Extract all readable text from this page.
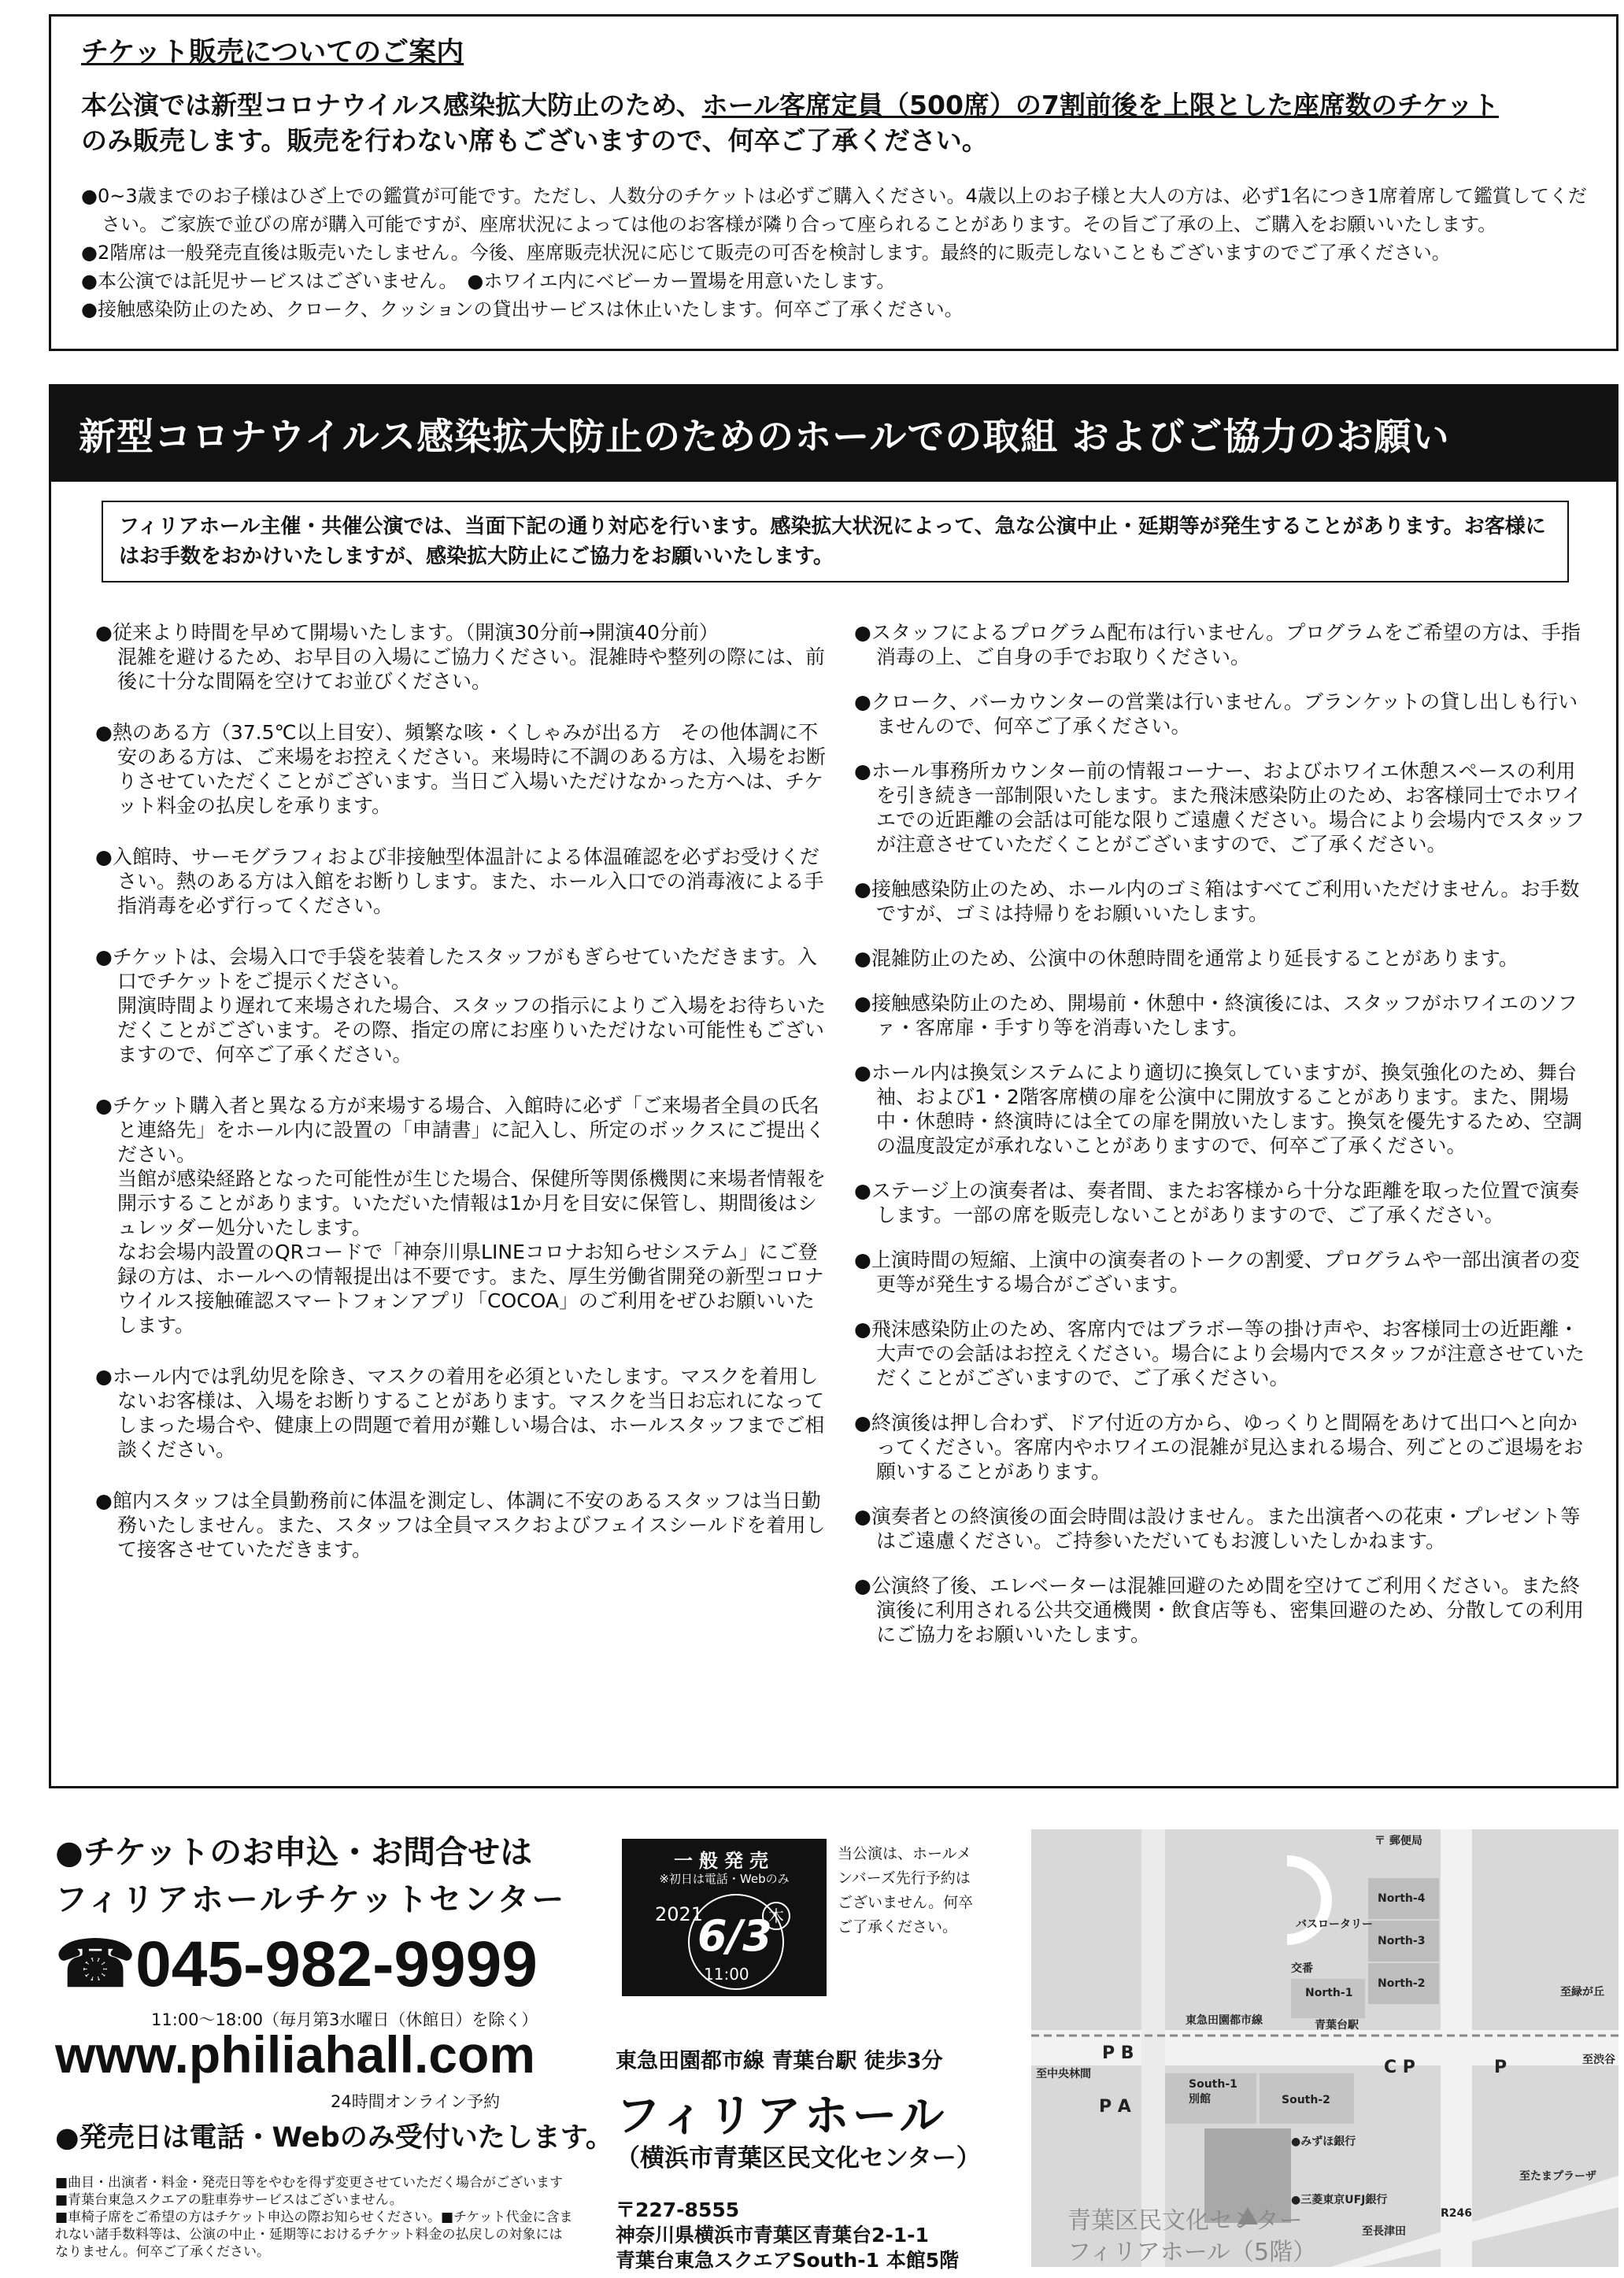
チケット販売についてのご案内
本公演では新型コロナウイルス感染拡大防止のため、ホール客席定員（500席）の7割前後を上限とした座席数のチケット
のみ販売します。販売を行わない席もございますので、何卒ご了承ください。
●0~3歳までのお子様はひざ上での鑑賞が可能です。ただし、人数分のチケットは必ずご購入ください。4歳以上のお子様と大人の方は、必ず1名につき1席着席して鑑賞してください。ご家族で並びの席が購入可能ですが、座席状況によっては他のお客様が隣り合って座られることがあります。その旨ご了承の上、ご購入をお願いいたします。
●2階席は一般発売直後は販売いたしません。今後、座席販売状況に応じて販売の可否を検討します。最終的に販売しないこともございますのでご了承ください。
●本公演では託児サービスはございません。　●ホワイエ内にベビーカー置場を用意いたします。
●接触感染防止のため、クローク、クッションの貸出サービスは休止いたします。何卒ご了承ください。
新型コロナウイルス感染拡大防止のためのホールでの取組 およびご協力のお願い
フィリアホール主催・共催公演では、当面下記の通り対応を行います。感染拡大状況によって、急な公演中止・延期等が発生することがあります。お客様にはお手数をおかけいたしますが、感染拡大防止にご協力をお願いいたします。
● 従来より時間を早めて開場いたします。（開演30分前→開演40分前）
混雑を避けるため、お早目の入場にご協力ください。混雑時や整列の際には、前後に十分な間隔を空けてお並びください。
● 熱のある方（37.5℃以上目安）、頻繁な咳・くしゃみが出る方　その他体調に不安のある方は、ご来場をお控えください。来場時に不調のある方は、入場をお断りさせていただくことがございます。当日ご入場いただけなかった方へは、チケット料金の払戻しを承ります。
● 入館時、サーモグラフィおよび非接触型体温計による体温確認を必ずお受けください。熱のある方は入館をお断りします。また、ホール入口での消毒液による手指消毒を必ず行ってください。
● チケットは、会場入口で手袋を装着したスタッフがもぎらせていただきます。入口でチケットをご提示ください。
開演時間より遅れて来場された場合、スタッフの指示によりご入場をお待ちいただくことがございます。その際、指定の席にお座りいただけない可能性もございますので、何卒ご了承ください。
● チケット購入者と異なる方が来場する場合、入館時に必ず「ご来場者全員の氏名と連絡先」をホール内に設置の「申請書」に記入し、所定のボックスにご提出ください。
当館が感染経路となった可能性が生じた場合、保健所等関係機関に来場者情報を開示することがあります。いただいた情報は1か月を目安に保管し、期間後はシュレッダー処分いたします。
なお会場内設置のQRコードで「神奈川県LINEコロナお知らせシステム」にご登録の方は、ホールへの情報提出は不要です。また、厚生労働省開発の新型コロナウイルス接触確認スマートフォンアプリ「COCOA」のご利用をぜひお願いいたします。
● ホール内では乳幼児を除き、マスクの着用を必須といたします。マスクを着用しないお客様は、入場をお断りすることがあります。マスクを当日お忘れになってしまった場合や、健康上の問題で着用が難しい場合は、ホールスタッフまでご相談ください。
● 館内スタッフは全員勤務前に体温を測定し、体調に不安のあるスタッフは当日勤務いたしません。また、スタッフは全員マスクおよびフェイスシールドを着用して接客させていただきます。
● スタッフによるプログラム配布は行いません。プログラムをご希望の方は、手指消毒の上、ご自身の手でお取りください。
● クローク、バーカウンターの営業は行いません。ブランケットの貸し出しも行いませんので、何卒ご了承ください。
● ホール事務所カウンター前の情報コーナー、およびホワイエ休憩スペースの利用を引き続き一部制限いたします。また飛沫感染防止のため、お客様同士でホワイエでの近距離の会話は可能な限りご遠慮ください。場合により会場内でスタッフが注意させていただくことがございますので、ご了承ください。
● 接触感染防止のため、ホール内のゴミ箱はすべてご利用いただけません。お手数ですが、ゴミは持帰りをお願いいたします。
● 混雑防止のため、公演中の休憩時間を通常より延長することがあります。
● 接触感染防止のため、開場前・休憩中・終演後には、スタッフがホワイエのソファ・客席扉・手すり等を消毒いたします。
● ホール内は換気システムにより適切に換気していますが、換気強化のため、舞台袖、および1・2階客席横の扉を公演中に開放することがあります。また、開場中・休憩時・終演時には全ての扉を開放いたします。換気を優先するため、空調の温度設定が承れないことがありますので、何卒ご了承ください。
● ステージ上の演奏者は、奏者間、またお客様から十分な距離を取った位置で演奏します。一部の席を販売しないことがありますので、ご了承ください。
● 上演時間の短縮、上演中の演奏者のトークの割愛、プログラムや一部出演者の変更等が発生する場合がございます。
● 飛沫感染防止のため、客席内ではブラボー等の掛け声や、お客様同士の近距離・大声での会話はお控えください。場合により会場内でスタッフが注意させていただくことがございますので、ご了承ください。
● 終演後は押し合わず、ドア付近の方から、ゆっくりと間隔をあけて出口へと向かってください。客席内やホワイエの混雑が見込まれる場合、列ごとのご退場をお願いすることがあります。
● 演奏者との終演後の面会時間は設けません。また出演者への花束・プレゼント等はご遠慮ください。ご持参いただいてもお渡しいたしかねます。
● 公演終了後、エレベーターは混雑回避のため間を空けてご利用ください。また終演後に利用される公共交通機関・飲食店等も、密集回避のため、分散しての利用にご協力をお願いいたします。
●チケットのお申込・お問合せは
フィリアホールチケットセンター
☎045-982-9999
11:00～18:00（毎月第3水曜日（休館日）を除く）
www.philiahall.com
24時間オンライン予約
●発売日は電話・Webのみ受付いたします。

■曲目・出演者・料金・発売日等をやむを得ず変更させていただく場合がございます ■青葉台東急スクエアの駐車券サービスはございません。

■車椅子席をご希望の方はチケット申込の際お知らせください。■チケット代金に含まれない諸手数料等は、公演の中止・延期等におけるチケット料金の払戻しの対象にはなりません。何卒ご了承ください。

一般発売
※初日は電話・Webのみ
2021
6/3
木
11:00
当公演は、ホールメンバーズ先行予約はございません。何卒ご了承ください。
東急田園都市線 青葉台駅 徒歩3分
フィリアホール
（横浜市青葉区民文化センター）
〒227-8555
神奈川県横浜市青葉区青葉台2-1-1
青葉台東急スクエアSouth-1 本館5階
〒 郵便局
North-4
North-3
North-2
North-1
バスロータリー
交番
東急田園都市線	青葉台駅
South-1
別館	South-2
●みずほ銀行
●三菱東京UFJ銀行
至緑が丘
至中央林間
至渋谷
至たまプラーザ
R246
至長津田
P B
C P	P
P A
青葉区民文化センター
フィリアホール（5階）
